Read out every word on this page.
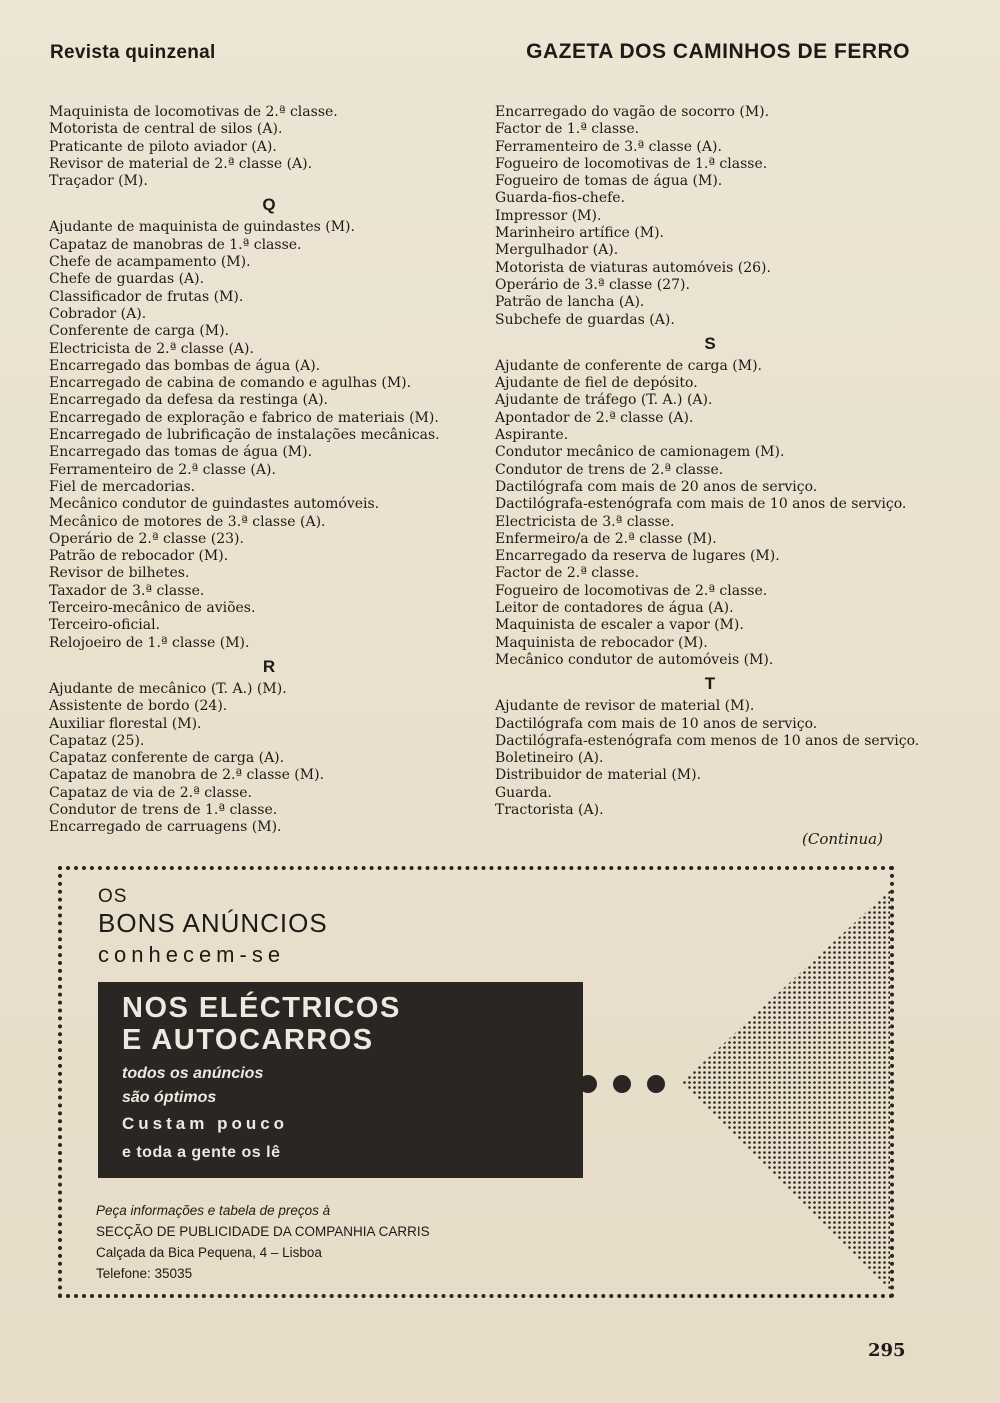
Revista quinzenal	GAZETA DOS CAMINHOS DE FERRO
Maquinista de locomotivas de 2.ª classe.
Motorista de central de silos (A).
Praticante de piloto aviador (A).
Revisor de material de 2.ª classe (A).
Traçador (M).
Q
Ajudante de maquinista de guindastes (M).
Capataz de manobras de 1.ª classe.
Chefe de acampamento (M).
Chefe de guardas (A).
Classificador de frutas (M).
Cobrador (A).
Conferente de carga (M).
Electricista de 2.ª classe (A).
Encarregado das bombas de água (A).
Encarregado de cabina de comando e agulhas (M).
Encarregado da defesa da restinga (A).
Encarregado de exploração e fabrico de materiais (M).
Encarregado de lubrificação de instalações mecânicas.
Encarregado das tomas de água (M).
Ferramenteiro de 2.ª classe (A).
Fiel de mercadorias.
Mecânico condutor de guindastes automóveis.
Mecânico de motores de 3.ª classe (A).
Operário de 2.ª classe (23).
Patrão de rebocador (M).
Revisor de bilhetes.
Taxador de 3.ª classe.
Terceiro-mecânico de aviões.
Terceiro-oficial.
Relojoeiro de 1.ª classe (M).
R
Ajudante de mecânico (T. A.) (M).
Assistente de bordo (24).
Auxiliar florestal (M).
Capataz (25).
Capataz conferente de carga (A).
Capataz de manobra de 2.ª classe (M).
Capataz de via de 2.ª classe.
Condutor de trens de 1.ª classe.
Encarregado de carruagens (M).
Encarregado do vagão de socorro (M).
Factor de 1.ª classe.
Ferramenteiro de 3.ª classe (A).
Fogueiro de locomotivas de 1.ª classe.
Fogueiro de tomas de água (M).
Guarda-fios-chefe.
Impressor (M).
Marinheiro artífice (M).
Mergulhador (A).
Motorista de viaturas automóveis (26).
Operário de 3.ª classe (27).
Patrão de lancha (A).
Subchefe de guardas (A).
S
Ajudante de conferente de carga (M).
Ajudante de fiel de depósito.
Ajudante de tráfego (T. A.) (A).
Apontador de 2.ª classe (A).
Aspirante.
Condutor mecânico de camionagem (M).
Condutor de trens de 2.ª classe.
Dactilógrafa com mais de 20 anos de serviço.
Dactilógrafa-estenógrafa com mais de 10 anos de serviço.
Electricista de 3.ª classe.
Enfermeiro/a de 2.ª classe (M).
Encarregado da reserva de lugares (M).
Factor de 2.ª classe.
Fogueiro de locomotivas de 2.ª classe.
Leitor de contadores de água (A).
Maquinista de escaler a vapor (M).
Maquinista de rebocador (M).
Mecânico condutor de automóveis (M).
T
Ajudante de revisor de material (M).
Dactilógrafa com mais de 10 anos de serviço.
Dactilógrafa-estenógrafa com menos de 10 anos de serviço.
Boletineiro (A).
Distribuidor de material (M).
Guarda.
Tractorista (A).
(Continua)
OS
BONS ANÚNCIOS
conhecem-se
NOS ELÉCTRICOS
E AUTOCARROS
todos os anúncios
são óptimos
Custam pouco
e toda a gente os lê
Peça informações e tabela de preços à
SECÇÃO DE PUBLICIDADE DA COMPANHIA CARRIS
Calçada da Bica Pequena, 4 – Lisboa
Telefone: 35035
295
